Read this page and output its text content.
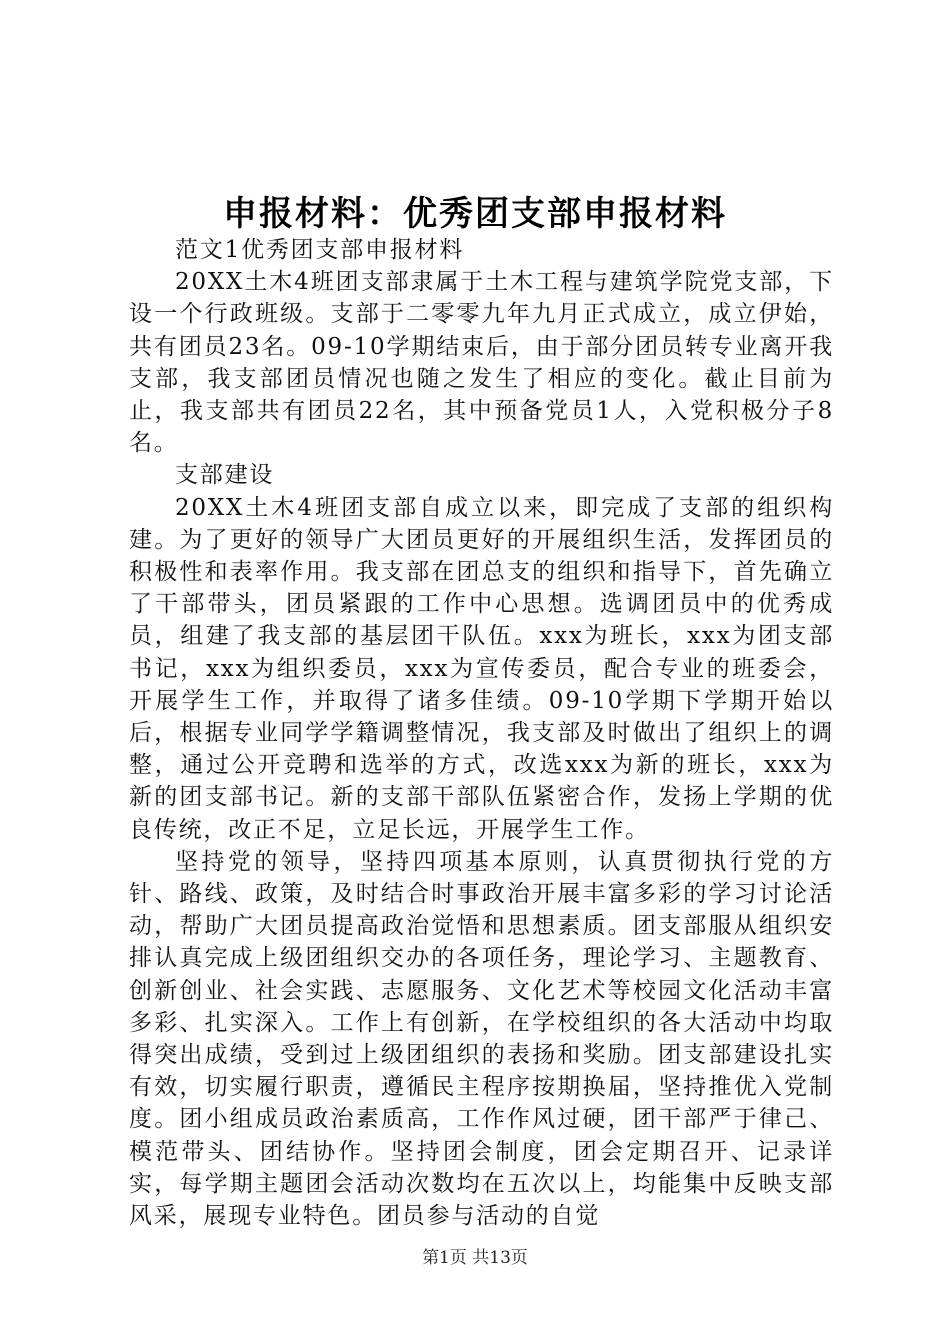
申报材料：优秀团支部申报材料

范文1优秀团支部申报材料

20XX土木4班团支部隶属于土木工程与建筑学院党支部，下设一个行政班级。支部于二零零九年九月正式成立，成立伊始，共有团员23名。09-10学期结束后，由于部分团员转专业离开我支部，我支部团员情况也随之发生了相应的变化。截止目前为止，我支部共有团员22名，其中预备党员1人，入党积极分子8名。

支部建设

20XX土木4班团支部自成立以来，即完成了支部的组织构建。为了更好的领导广大团员更好的开展组织生活，发挥团员的积极性和表率作用。我支部在团总支的组织和指导下，首先确立了干部带头，团员紧跟的工作中心思想。选调团员中的优秀成员，组建了我支部的基层团干队伍。xxx为班长，xxx为团支部书记，xxx为组织委员，xxx为宣传委员，配合专业的班委会，开展学生工作，并取得了诸多佳绩。09-10学期下学期开始以后，根据专业同学学籍调整情况，我支部及时做出了组织上的调整，通过公开竞聘和选举的方式，改选xxx为新的班长，xxx为新的团支部书记。新的支部干部队伍紧密合作，发扬上学期的优良传统，改正不足，立足长远，开展学生工作。

坚持党的领导，坚持四项基本原则，认真贯彻执行党的方针、路线、政策，及时结合时事政治开展丰富多彩的学习讨论活动，帮助广大团员提高政治觉悟和思想素质。团支部服从组织安排认真完成上级团组织交办的各项任务，理论学习、主题教育、创新创业、社会实践、志愿服务、文化艺术等校园文化活动丰富多彩、扎实深入。工作上有创新，在学校组织的各大活动中均取得突出成绩，受到过上级团组织的表扬和奖励。团支部建设扎实有效，切实履行职责，遵循民主程序按期换届，坚持推优入党制度。团小组成员政治素质高，工作作风过硬，团干部严于律己、模范带头、团结协作。坚持团会制度，团会定期召开、记录详实，每学期主题团会活动次数均在五次以上，均能集中反映支部风采，展现专业特色。团员参与活动的自觉

第1页 共13页
